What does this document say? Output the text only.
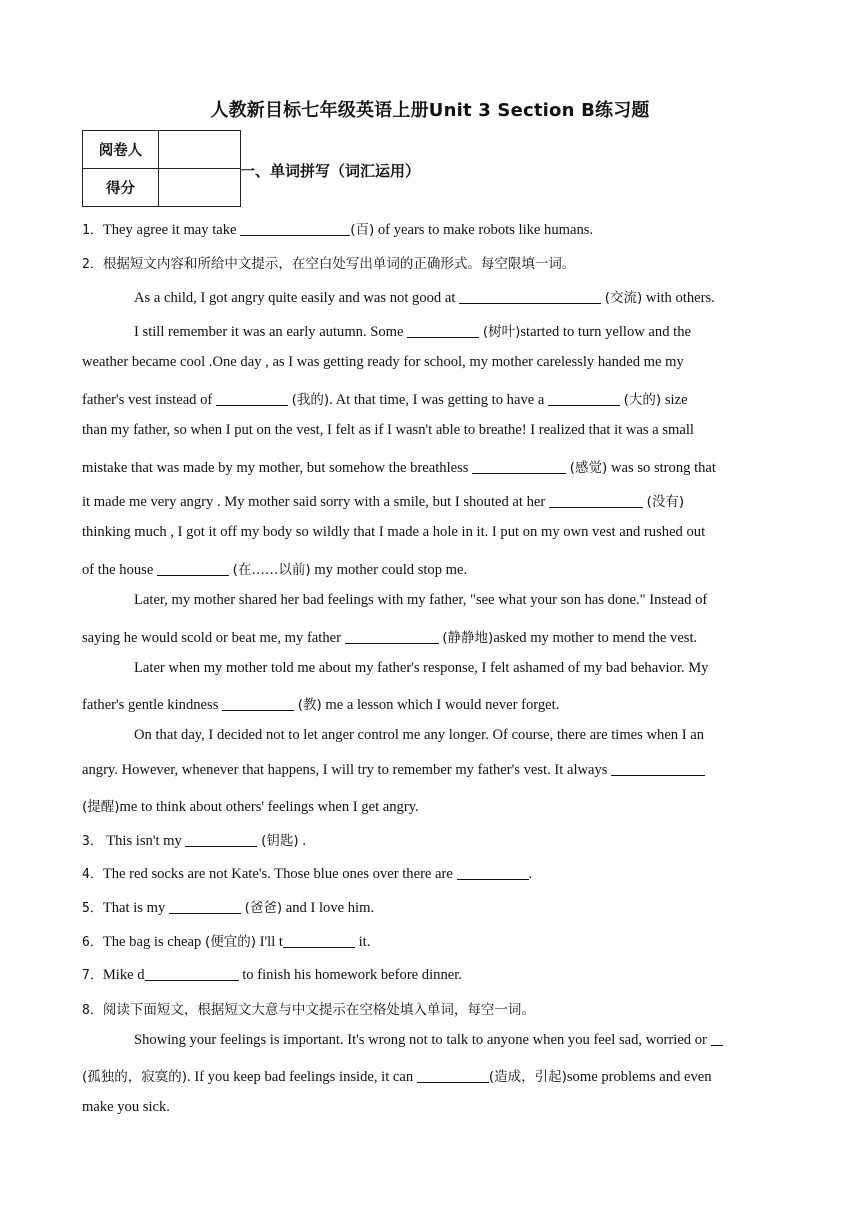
人教新目标七年级英语上册Unit 3 Section B练习题
阅卷人	
得分	
一、单词拼写（词汇运用）
1．They agree it may take	(百) of years to make robots like humans.
2．根据短文内容和所给中文提示，在空白处写出单词的正确形式。每空限填一词。
As a child, I got angry quite easily and was not good at	(交流) with others.
I still remember it was an early autumn. Some	(树叶)started to turn yellow and the
weather became cool .One day , as I was getting ready for school, my mother carelessly handed me my
father's vest instead of	(我的). At that time, I was getting to have a	(大的) size
than my father, so when I put on the vest, I felt as if I wasn't able to breathe! I realized that it was a small
mistake that was made by my mother, but somehow the breathless	(感觉) was so strong that
it made me very angry . My mother said sorry with a smile, but I shouted at her	(没有)
thinking much , I got it off my body so wildly that I made a hole in it. I put on my own vest and rushed out
of the house	(在……以前) my mother could stop me.
Later, my mother shared her bad feelings with my father, "see what your son has done." Instead of
saying he would scold or beat me, my father	(静静地)asked my mother to mend the vest.
Later when my mother told me about my father's response, I felt ashamed of my bad behavior. My
father's gentle kindness	(教) me a lesson which I would never forget.
On that day, I decided not to let anger control me any longer. Of course, there are times when I an
angry. However, whenever that happens, I will try to remember my father's vest. It always
(提醒)me to think about others' feelings when I get angry.
3． This isn't my	(钥匙) .
4．The red socks are not Kate's. Those blue ones over there are	.
5．That is my	(爸爸) and I love him.
6．The bag is cheap (便宜的) I'll t	it.
7．Mike d	to finish his homework before dinner.
8．阅读下面短文，根据短文大意与中文提示在空格处填入单词，每空一词。
Showing your feelings is important. It's wrong not to talk to anyone when you feel sad, worried or
(孤独的，寂寞的). If you keep bad feelings inside, it can	(造成，引起)some problems and even
make you sick.
